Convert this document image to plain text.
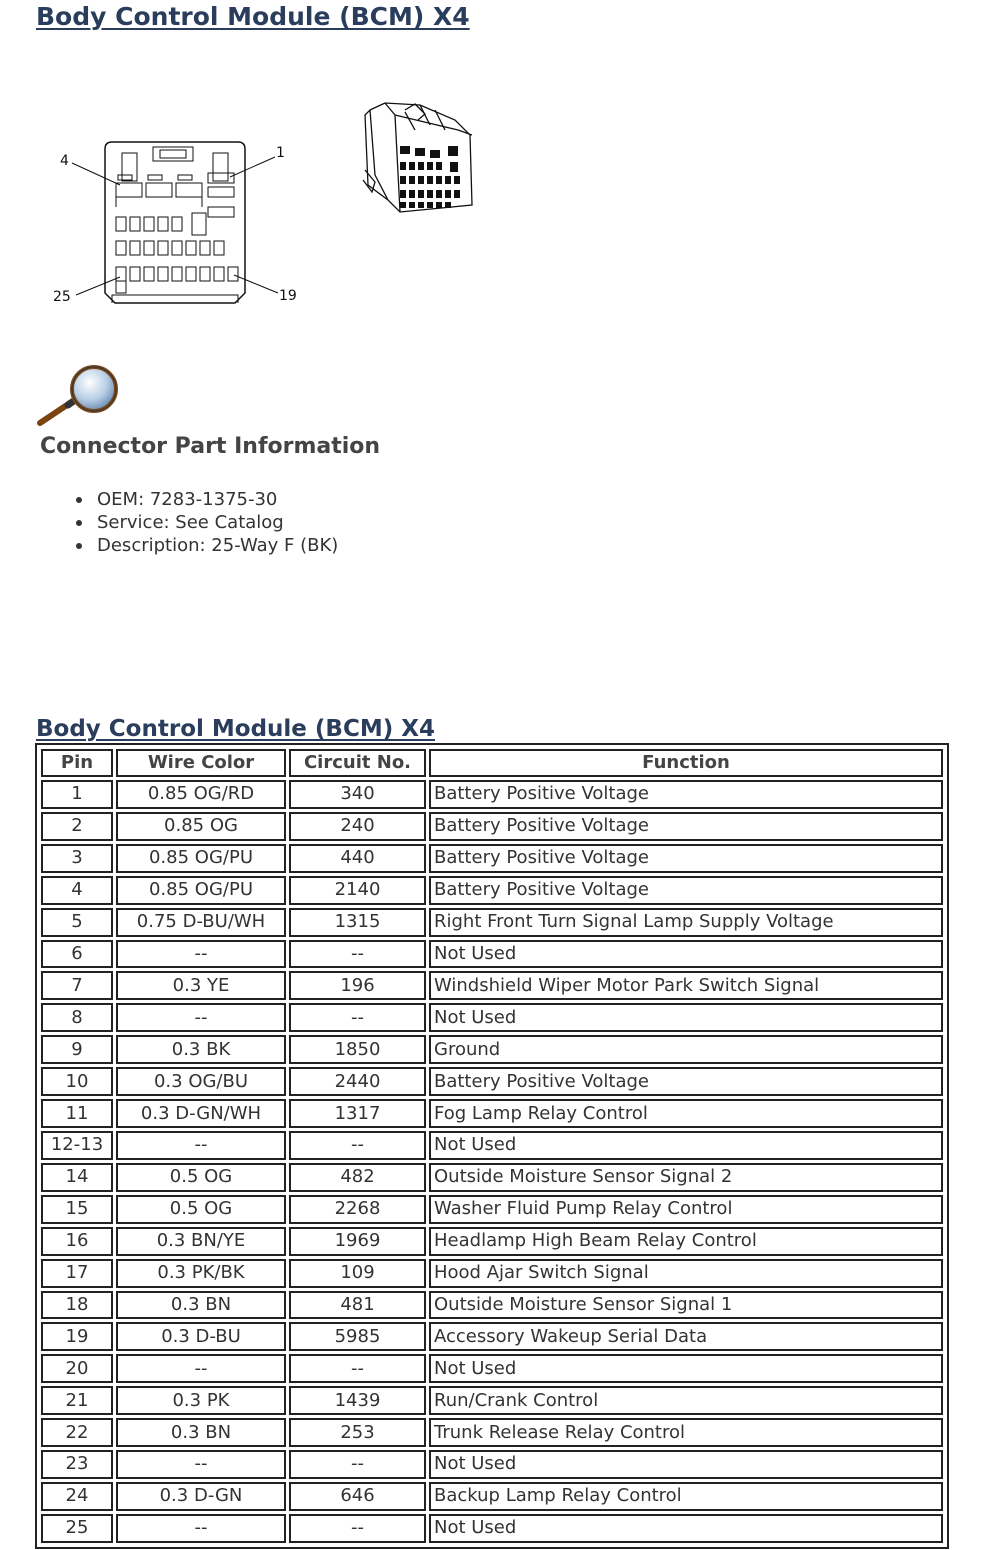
Body Control Module (BCM) X4
4	1
25	19
Connector Part Information
OEM: 7283-1375-30
Service: See Catalog
Description: 25-Way F (BK)
Body Control Module (BCM) X4
Pin	Wire Color	Circuit No.	Function
1	0.85 OG/RD	340	Battery Positive Voltage
2	0.85 OG	240	Battery Positive Voltage
3	0.85 OG/PU	440	Battery Positive Voltage
4	0.85 OG/PU	2140	Battery Positive Voltage
5	0.75 D-BU/WH	1315	Right Front Turn Signal Lamp Supply Voltage
6	--	--	Not Used
7	0.3 YE	196	Windshield Wiper Motor Park Switch Signal
8	--	--	Not Used
9	0.3 BK	1850	Ground
10	0.3 OG/BU	2440	Battery Positive Voltage
11	0.3 D-GN/WH	1317	Fog Lamp Relay Control
12-13	--	--	Not Used
14	0.5 OG	482	Outside Moisture Sensor Signal 2
15	0.5 OG	2268	Washer Fluid Pump Relay Control
16	0.3 BN/YE	1969	Headlamp High Beam Relay Control
17	0.3 PK/BK	109	Hood Ajar Switch Signal
18	0.3 BN	481	Outside Moisture Sensor Signal 1
19	0.3 D-BU	5985	Accessory Wakeup Serial Data
20	--	--	Not Used
21	0.3 PK	1439	Run/Crank Control
22	0.3 BN	253	Trunk Release Relay Control
23	--	--	Not Used
24	0.3 D-GN	646	Backup Lamp Relay Control
25	--	--	Not Used
